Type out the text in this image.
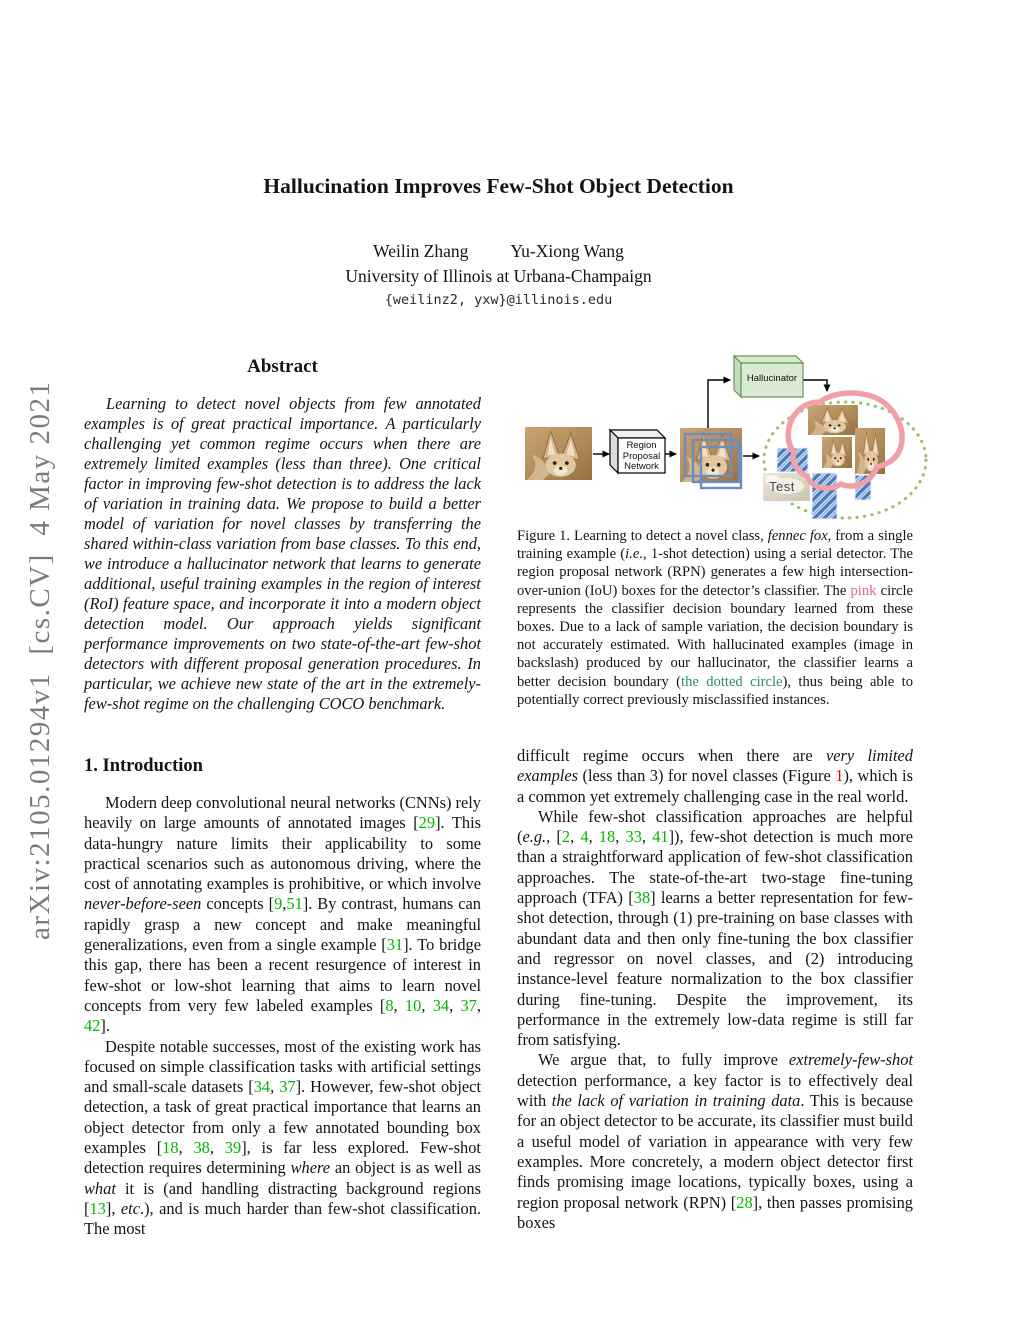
arXiv:2105.01294v1  [cs.CV]  4 May 2021
Hallucination Improves Few-Shot Object Detection
Weilin Zhang Yu-Xiong Wang
University of Illinois at Urbana-Champaign
{weilinz2, yxw}@illinois.edu
Abstract
Learning to detect novel objects from few annotated examples is of great practical importance. A particularly challenging yet common regime occurs when there are extremely limited examples (less than three). One critical factor in improving few-shot detection is to address the lack of variation in training data. We propose to build a better model of variation for novel classes by transferring the shared within-class variation from base classes. To this end, we introduce a hallucinator network that learns to generate additional, useful training examples in the region of interest (RoI) feature space, and incorporate it into a modern object detection model. Our approach yields significant performance improvements on two state-of-the-art few-shot detectors with different proposal generation procedures. In particular, we achieve new state of the art in the extremely-few-shot regime on the challenging COCO benchmark.
1. Introduction

Modern deep convolutional neural networks (CNNs) rely heavily on large amounts of annotated images [29]. This data-hungry nature limits their applicability to some practical scenarios such as autonomous driving, where the cost of annotating examples is prohibitive, or which involve never-before-seen concepts [9,51]. By contrast, humans can rapidly grasp a new concept and make meaningful generalizations, even from a single example [31]. To bridge this gap, there has been a recent resurgence of interest in few-shot or low-shot learning that aims to learn novel concepts from very few labeled examples [8, 10, 34, 37, 42].

Despite notable successes, most of the existing work has focused on simple classification tasks with artificial settings and small-scale datasets [34, 37]. However, few-shot object detection, a task of great practical importance that learns an object detector from only a few annotated bounding box examples [18, 38, 39], is far less explored. Few-shot detection requires determining where an object is as well as what it is (and handling distracting background regions [13], etc.), and is much harder than few-shot classification. The most

Region
Proposal
Network
Hallucinator
Test
Figure 1. Learning to detect a novel class, fennec fox, from a single training example (i.e., 1-shot detection) using a serial detector. The region proposal network (RPN) generates a few high intersection-over-union (IoU) boxes for the detector’s classifier. The pink circle represents the classifier decision boundary learned from these boxes. Due to a lack of sample variation, the decision boundary is not accurately estimated. With hallucinated examples (image in backslash) produced by our hallucinator, the classifier learns a better decision boundary (the dotted circle), thus being able to potentially correct previously misclassified instances.

difficult regime occurs when there are very limited examples (less than 3) for novel classes (Figure 1), which is a common yet extremely challenging case in the real world.

While few-shot classification approaches are helpful (e.g., [2, 4, 18, 33, 41]), few-shot detection is much more than a straightforward application of few-shot classification approaches. The state-of-the-art two-stage fine-tuning approach (TFA) [38] learns a better representation for few-shot detection, through (1) pre-training on base classes with abundant data and then only fine-tuning the box classifier and regressor on novel classes, and (2) introducing instance-level feature normalization to the box classifier during fine-tuning. Despite the improvement, its performance in the extremely low-data regime is still far from satisfying.

We argue that, to fully improve extremely-few-shot detection performance, a key factor is to effectively deal with the lack of variation in training data. This is because for an object detector to be accurate, its classifier must build a useful model of variation in appearance with very few examples. More concretely, a modern object detector first finds promising image locations, typically boxes, using a region proposal network (RPN) [28], then passes promising boxes
